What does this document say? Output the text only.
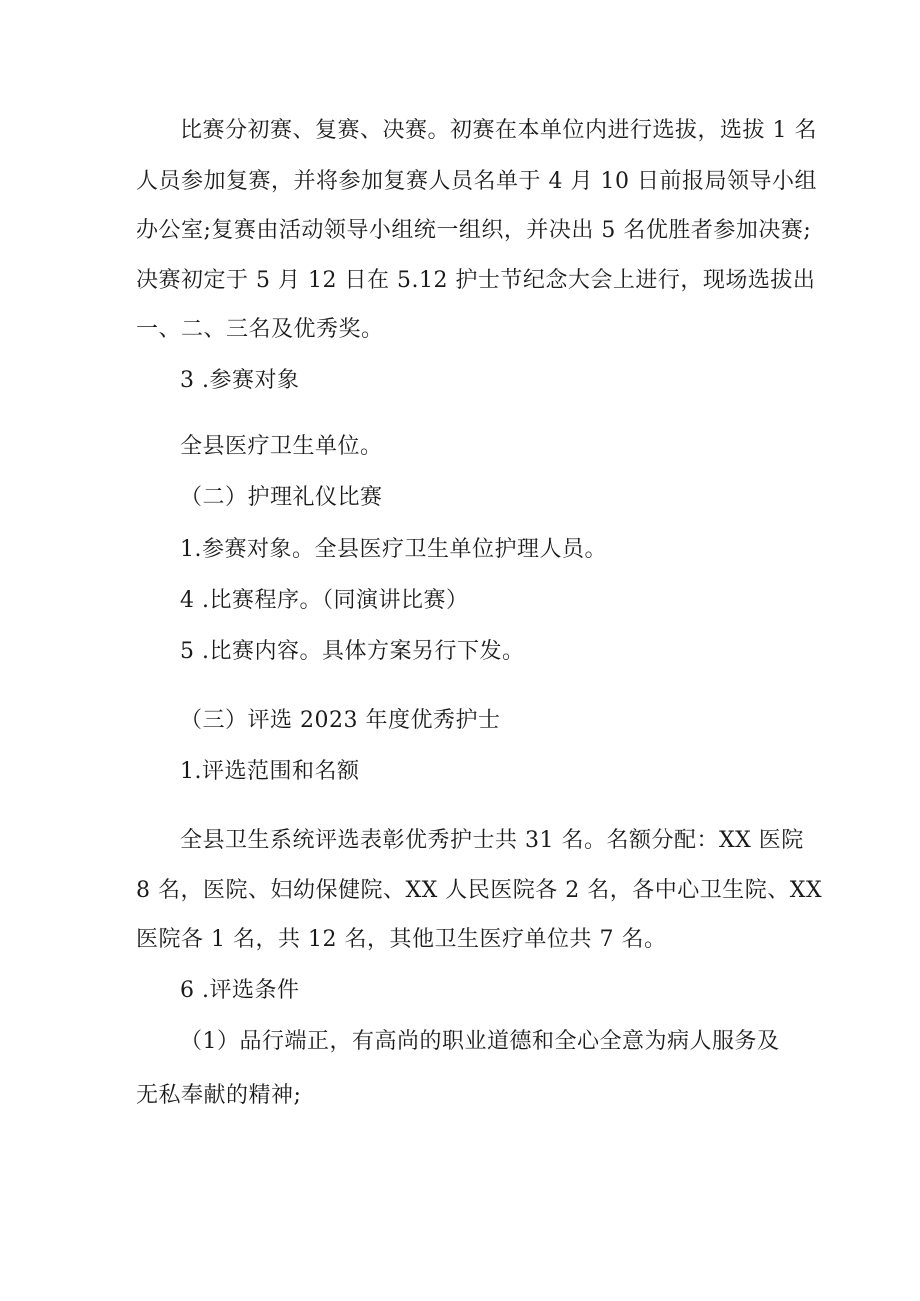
比赛分初赛、复赛、决赛。初赛在本单位内进行选拔，选拔 1 名

人员参加复赛，并将参加复赛人员名单于 4 月 10 日前报局领导小组

办公室;复赛由活动领导小组统一组织，并决出 5 名优胜者参加决赛;

决赛初定于 5 月 12 日在 5.12 护士节纪念大会上进行，现场选拔出

一、二、三名及优秀奖。

3 .参赛对象

全县医疗卫生单位。

（二）护理礼仪比赛

1.参赛对象。全县医疗卫生单位护理人员。

4 .比赛程序。（同演讲比赛）

5 .比赛内容。具体方案另行下发。

（三）评选 2023 年度优秀护士

1.评选范围和名额

全县卫生系统评选表彰优秀护士共 31 名。名额分配：XX 医院

8 名，医院、妇幼保健院、XX 人民医院各 2 名，各中心卫生院、XX

医院各 1 名，共 12 名，其他卫生医疗单位共 7 名。

6 .评选条件

（1）品行端正，有高尚的职业道德和全心全意为病人服务及

无私奉献的精神;
